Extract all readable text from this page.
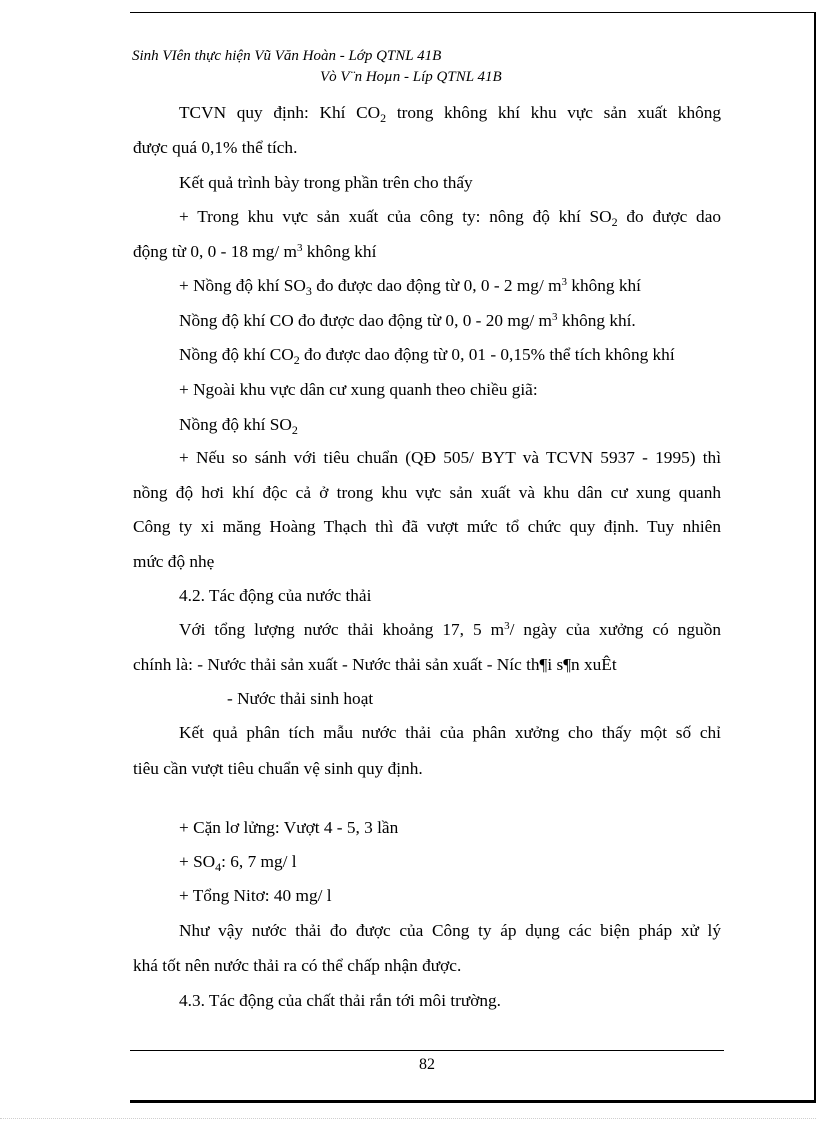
Sinh VIên thực hiện Vũ Văn Hoàn - Lớp QTNL 41B
Vò V¨n Hoµn - Líp QTNL 41B
TCVN quy định: Khí $CO_2$ trong không khí khu vực sản xuất không
được quá 0,1% thể tích.
Kết quả trình bày trong phần trên cho thấy
+ Trong khu vực sản xuất của công ty: nông độ khí $SO_2$ đo được dao
động từ 0, 0 - 18 mg/ $m^3$ không khí
+ Nồng độ khí $SO_3$ đo được dao động từ 0, 0 - 2 mg/ $m^3$ không khí
Nồng độ khí CO đo được dao động từ 0, 0 - 20 mg/ $m^3$ không khí.
Nồng độ khí $CO_2$ đo được dao động từ 0, 01 - 0,15% thể tích không khí
+ Ngoài khu vực dân cư xung quanh theo chiều giã:
Nồng độ khí $SO_2$
+ Nếu so sánh với tiêu chuẩn (QĐ 505/ BYT và TCVN 5937 - 1995) thì
nồng độ hơi khí độc cả ở trong khu vực sản xuất và khu dân cư xung quanh
Công ty xi măng Hoàng Thạch thì đã vượt mức tổ chức quy định. Tuy nhiên
mức độ nhẹ
4.2. Tác động của nước thải
Với tổng lượng nước thải khoảng 17, 5 $m^3/$ ngày của xưởng có nguồn
chính là: - Nước thải sản xuất - Nước thải sản xuất - Níc th¶i s¶n xuÊt
- Nước thải sinh hoạt
Kết quả phân tích mẫu nước thải của phân xưởng cho thấy một số chỉ
tiêu cần vượt tiêu chuẩn vệ sinh quy định.
+ Cặn lơ lửng: Vượt 4 - 5, 3 lần
+ $SO_4$: 6, 7 mg/ l
+ Tổng Nitơ: 40 mg/ l
Như vậy nước thải đo được của Công ty áp dụng các biện pháp xử lý
khá tốt nên nước thải ra có thể chấp nhận được.
4.3. Tác động của chất thải rắn tới môi trường.
82
